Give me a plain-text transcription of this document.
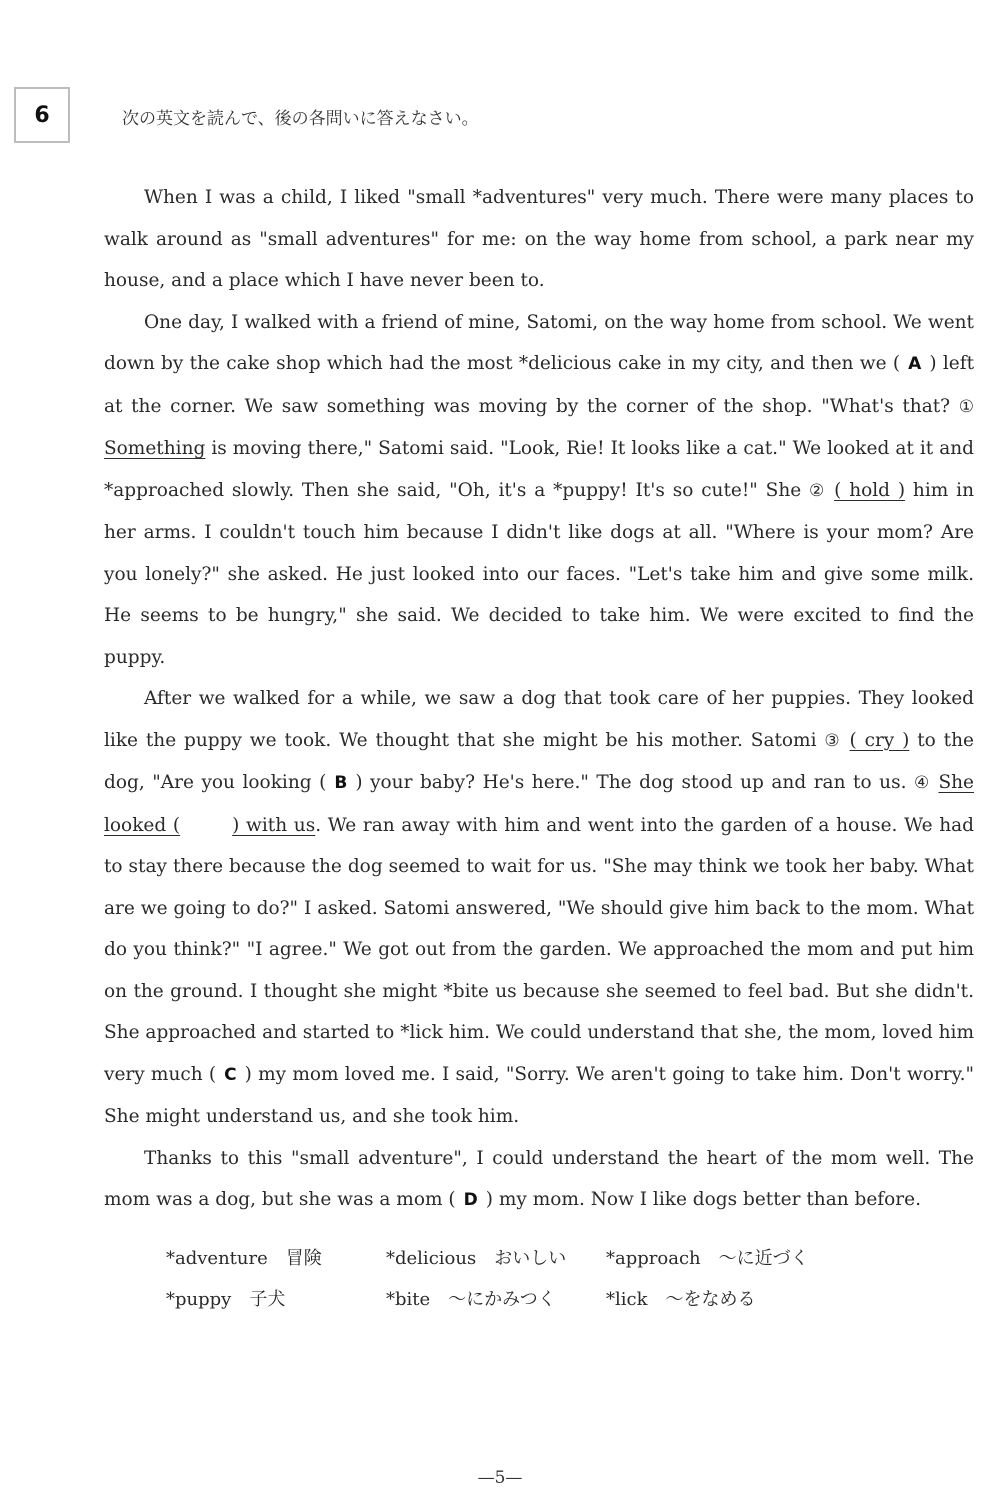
6	次の英文を読んで、後の各問いに答えなさい。

When I was a child, I liked "small *adventures" very much. There were many places to walk around as "small adventures" for me: on the way home from school, a park near my house, and a place which I have never been to.

One day, I walked with a friend of mine, Satomi, on the way home from school. We went down by the cake shop which had the most *delicious cake in my city, and then we ( A ) left at the corner. We saw something was moving by the corner of the shop. "What's that? ① Something is moving there," Satomi said. "Look, Rie! It looks like a cat." We looked at it and *approached slowly. Then she said, "Oh, it's a *puppy! It's so cute!" She ② ( hold ) him in her arms. I couldn't touch him because I didn't like dogs at all. "Where is your mom? Are you lonely?" she asked. He just looked into our faces. "Let's take him and give some milk. He seems to be hungry," she said. We decided to take him. We were excited to find the puppy.

After we walked for a while, we saw a dog that took care of her puppies. They looked like the puppy we took. We thought that she might be his mother. Satomi ③ ( cry ) to the dog, "Are you looking ( B ) your baby? He's here." The dog stood up and ran to us. ④ She looked (	) with us. We ran away with him and went into the garden of a house. We had to stay there because the dog seemed to wait for us. "She may think we took her baby. What are we going to do?" I asked. Satomi answered, "We should give him back to the mom. What do you think?" "I agree." We got out from the garden. We approached the mom and put him on the ground. I thought she might *bite us because she seemed to feel bad. But she didn't. She approached and started to *lick him. We could understand that she, the mom, loved him very much ( C ) my mom loved me. I said, "Sorry. We aren't going to take him. Don't worry." She might understand us, and she took him.

Thanks to this "small adventure", I could understand the heart of the mom well. The mom was a dog, but she was a mom ( D ) my mom. Now I like dogs better than before.

*adventure　冒険	*delicious　おいしい	*approach　～に近づく
*puppy　子犬	*bite　～にかみつく	*lick　～をなめる
—5—
